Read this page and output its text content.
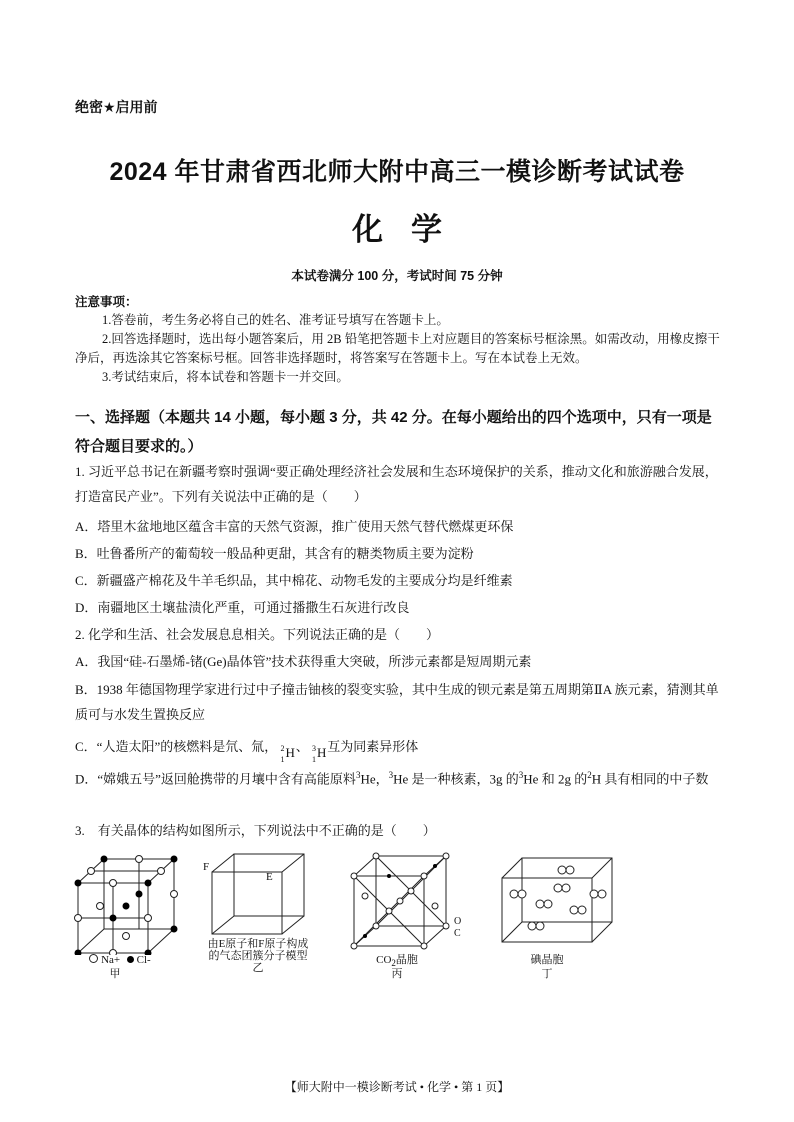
绝密★启用前
2024 年甘肃省西北师大附中高三一模诊断考试试卷
化学
本试卷满分 100 分，考试时间 75 分钟
注意事项：
1.答卷前，考生务必将自己的姓名、准考证号填写在答题卡上。
2.回答选择题时，选出每小题答案后，用 2B 铅笔把答题卡上对应题目的答案标号框涂黑。如需改动，用橡皮擦干净后，再选涂其它答案标号框。回答非选择题时，将答案写在答题卡上。写在本试卷上无效。
3.考试结束后，将本试卷和答题卡一并交回。
一、选择题（本题共 14 小题，每小题 3 分，共 42 分。在每小题给出的四个选项中，只有一项是符合题目要求的。）
1. 习近平总书记在新疆考察时强调“要正确处理经济社会发展和生态环境保护的关系，推动文化和旅游融合发展，打造富民产业”。下列有关说法中正确的是（　　）
A．塔里木盆地地区蕴含丰富的天然气资源，推广使用天然气替代燃煤更环保
B．吐鲁番所产的葡萄较一般品种更甜，其含有的糖类物质主要为淀粉
C．新疆盛产棉花及牛羊毛织品，其中棉花、动物毛发的主要成分均是纤维素
D．南疆地区土壤盐渍化严重，可通过播撒生石灰进行改良
2. 化学和生活、社会发展息息相关。下列说法正确的是（　　）
A．我国“硅-石墨烯-锗(Ge)晶体管”技术获得重大突破，所涉元素都是短周期元素
B．1938 年德国物理学家进行过中子撞击铀核的裂变实验，其中生成的钡元素是第五周期第ⅡA 族元素，猜测其单质可与水发生置换反应
C．“人造太阳”的核燃料是氘、氚， 2
1 H 、 3
1 H 互为同素异形体
D．“嫦娥五号”返回舱携带的月壤中含有高能原料$^3$He，$^3$He 是一种核素，3g 的$^3$He 和 2g 的$^2$H 具有相同的中子数
3.　有关晶体的结构如图所示，下列说法中不正确的是（　　）
Na+ Cl-
甲
F
E
由E原子和F原子构成
的气态团簇分子模型
乙
O
C
$CO_2$晶胞
丙
碘晶胞
丁
【师大附中一模诊断考试 • 化学 • 第 1 页】
